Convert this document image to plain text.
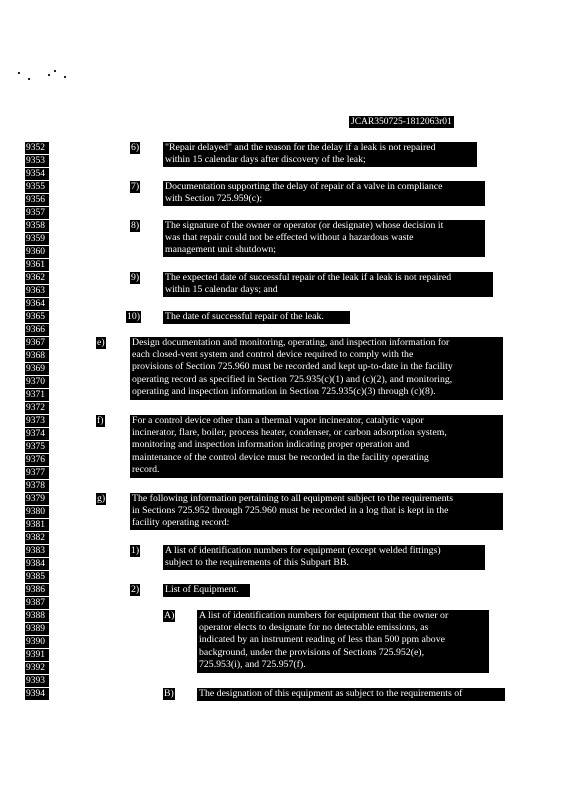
JCAR350725-1812063r01
9352
9353
9354
9355
9356
9357
9358
9359
9360
9361
9362
9363
9364
9365
9366
9367
9368
9369
9370
9371
9372
9373
9374
9375
9376
9377
9378
9379
9380
9381
9382
9383
9384
9385
9386
9387
9388
9389
9390
9391
9392
9393
9394
6)	"Repair delayed" and the reason for the delay if a leak is not repaired
within 15 calendar days after discovery of the leak;
7)	Documentation supporting the delay of repair of a valve in compliance
with Section 725.959(c);
8)	The signature of the owner or operator (or designate) whose decision it
was that repair could not be effected without a hazardous waste
management unit shutdown;
9)	The expected date of successful repair of the leak if a leak is not repaired
within 15 calendar days; and
10)	The date of successful repair of the leak.
e)	Design documentation and monitoring, operating, and inspection information for
each closed-vent system and control device required to comply with the
provisions of Section 725.960 must be recorded and kept up-to-date in the facility
operating record as specified in Section 725.935(c)(1) and (c)(2), and monitoring,
operating and inspection information in Section 725.935(c)(3) through (c)(8).
f)	For a control device other than a thermal vapor incinerator, catalytic vapor
incinerator, flare, boiler, process heater, condenser, or carbon adsorption system,
monitoring and inspection information indicating proper operation and
maintenance of the control device must be recorded in the facility operating
record.
g)	The following information pertaining to all equipment subject to the requirements
in Sections 725.952 through 725.960 must be recorded in a log that is kept in the
facility operating record:
1)	A list of identification numbers for equipment (except welded fittings)
subject to the requirements of this Subpart BB.
2)	List of Equipment.
A)	A list of identification numbers for equipment that the owner or
operator elects to designate for no detectable emissions, as
indicated by an instrument reading of less than 500 ppm above
background, under the provisions of Sections 725.952(e),
725.953(i), and 725.957(f).
B)	The designation of this equipment as subject to the requirements of
